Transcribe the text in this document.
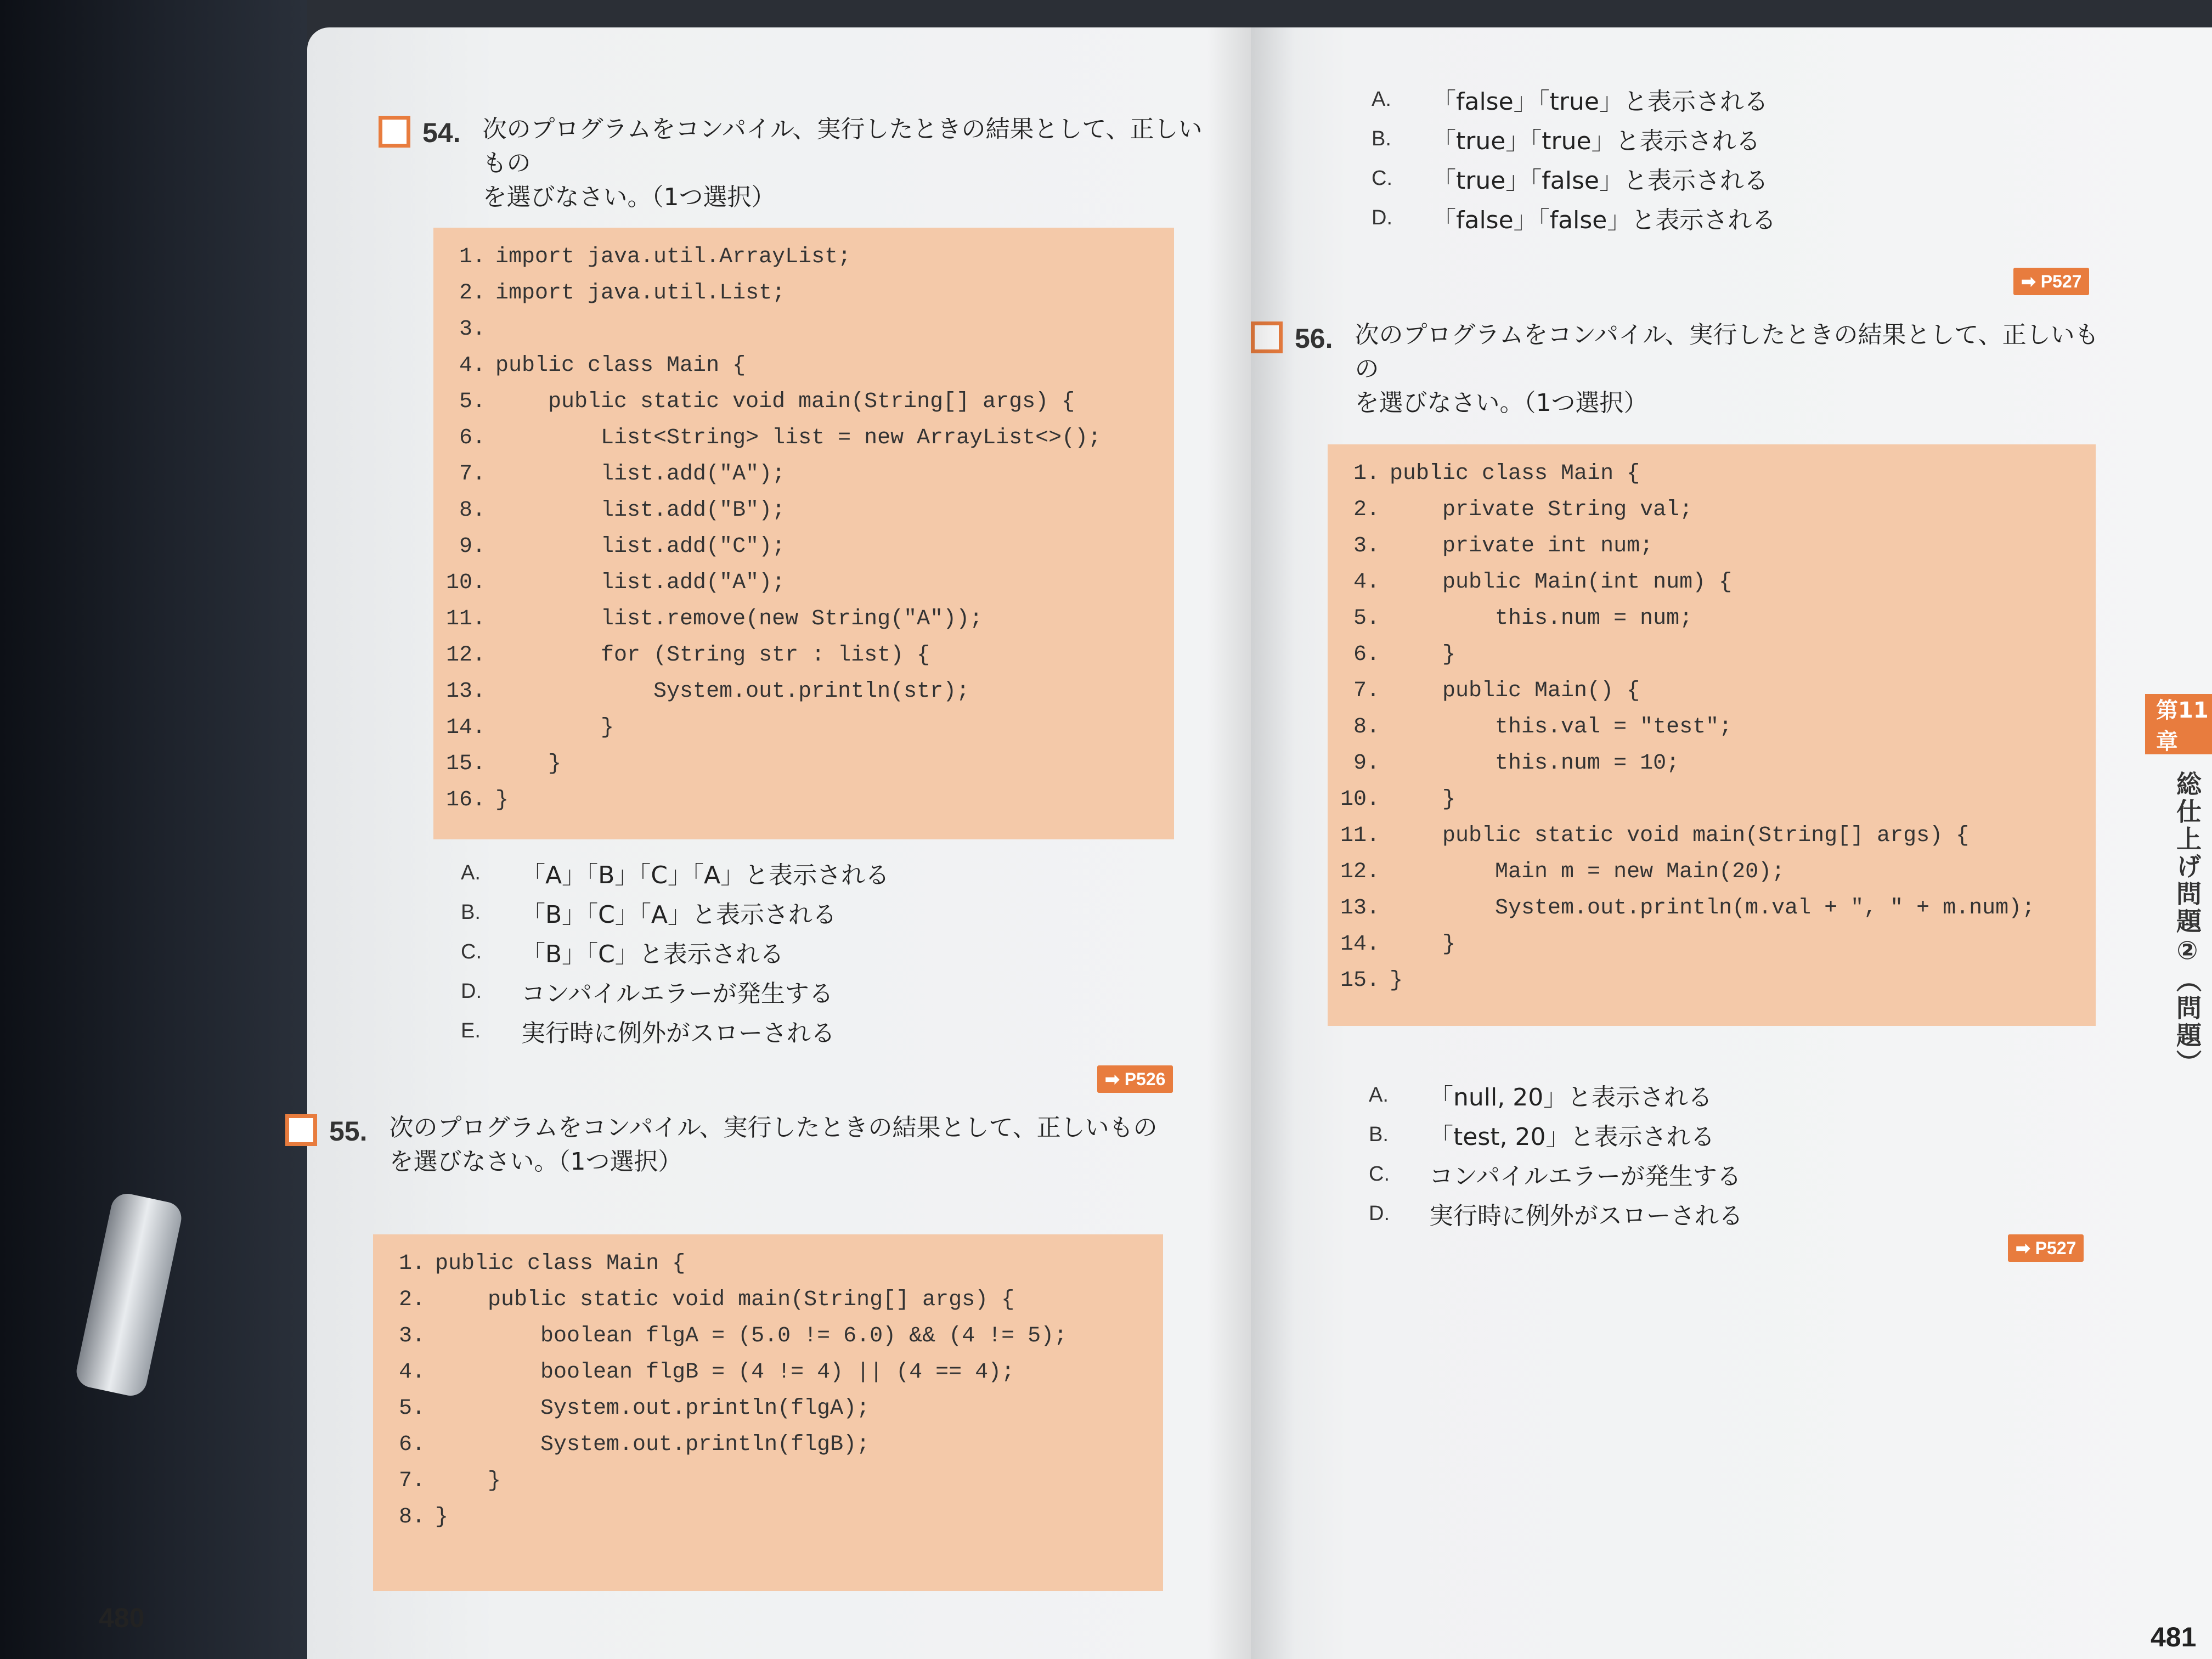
54. 次のプログラムをコンパイル、実行したときの結果として、正しいもの
を選びなさい。（1つ選択）
1. import java.util.ArrayList;
2. import java.util.List;
3.
4. public class Main {
5. public static void main(String[] args) {
6. List<String> list = new ArrayList<>();
7. list.add("A");
8. list.add("B");
9. list.add("C");
10. list.add("A");
11. list.remove(new String("A"));
12. for (String str : list) {
13. System.out.println(str);
14. }
15. }
16. }
A.	「A」「B」「C」「A」と表示される
B.	「B」「C」「A」と表示される
C.	「B」「C」と表示される
D.	コンパイルエラーが発生する
E.	実行時に例外がスローされる
➡ P526
55. 次のプログラムをコンパイル、実行したときの結果として、正しいもの
を選びなさい。（1つ選択）
1. public class Main {
2. public static void main(String[] args) {
3. boolean flgA = (5.0 != 6.0) && (4 != 5);
4. boolean flgB = (4 != 4) || (4 == 4);
5. System.out.println(flgA);
6. System.out.println(flgB);
7. }
8. }
480
A.	「false」「true」と表示される
B.	「true」「true」と表示される
C.	「true」「false」と表示される
D.	「false」「false」と表示される
➡ P527
56. 次のプログラムをコンパイル、実行したときの結果として、正しいもの
を選びなさい。（1つ選択）
1. public class Main {
2. private String val;
3. private int num;
4. public Main(int num) {
5. this.num = num;
6. }
7. public Main() {
8. this.val = "test";
9. this.num = 10;
10. }
11. public static void main(String[] args) {
12. Main m = new Main(20);
13. System.out.println(m.val + ", " + m.num);
14. }
15. }
A.	「null, 20」と表示される
B.	「test, 20」と表示される
C.	コンパイルエラーが発生する
D.	実行時に例外がスローされる
➡ P527
第11章
総仕上げ問題②（問題）
481
